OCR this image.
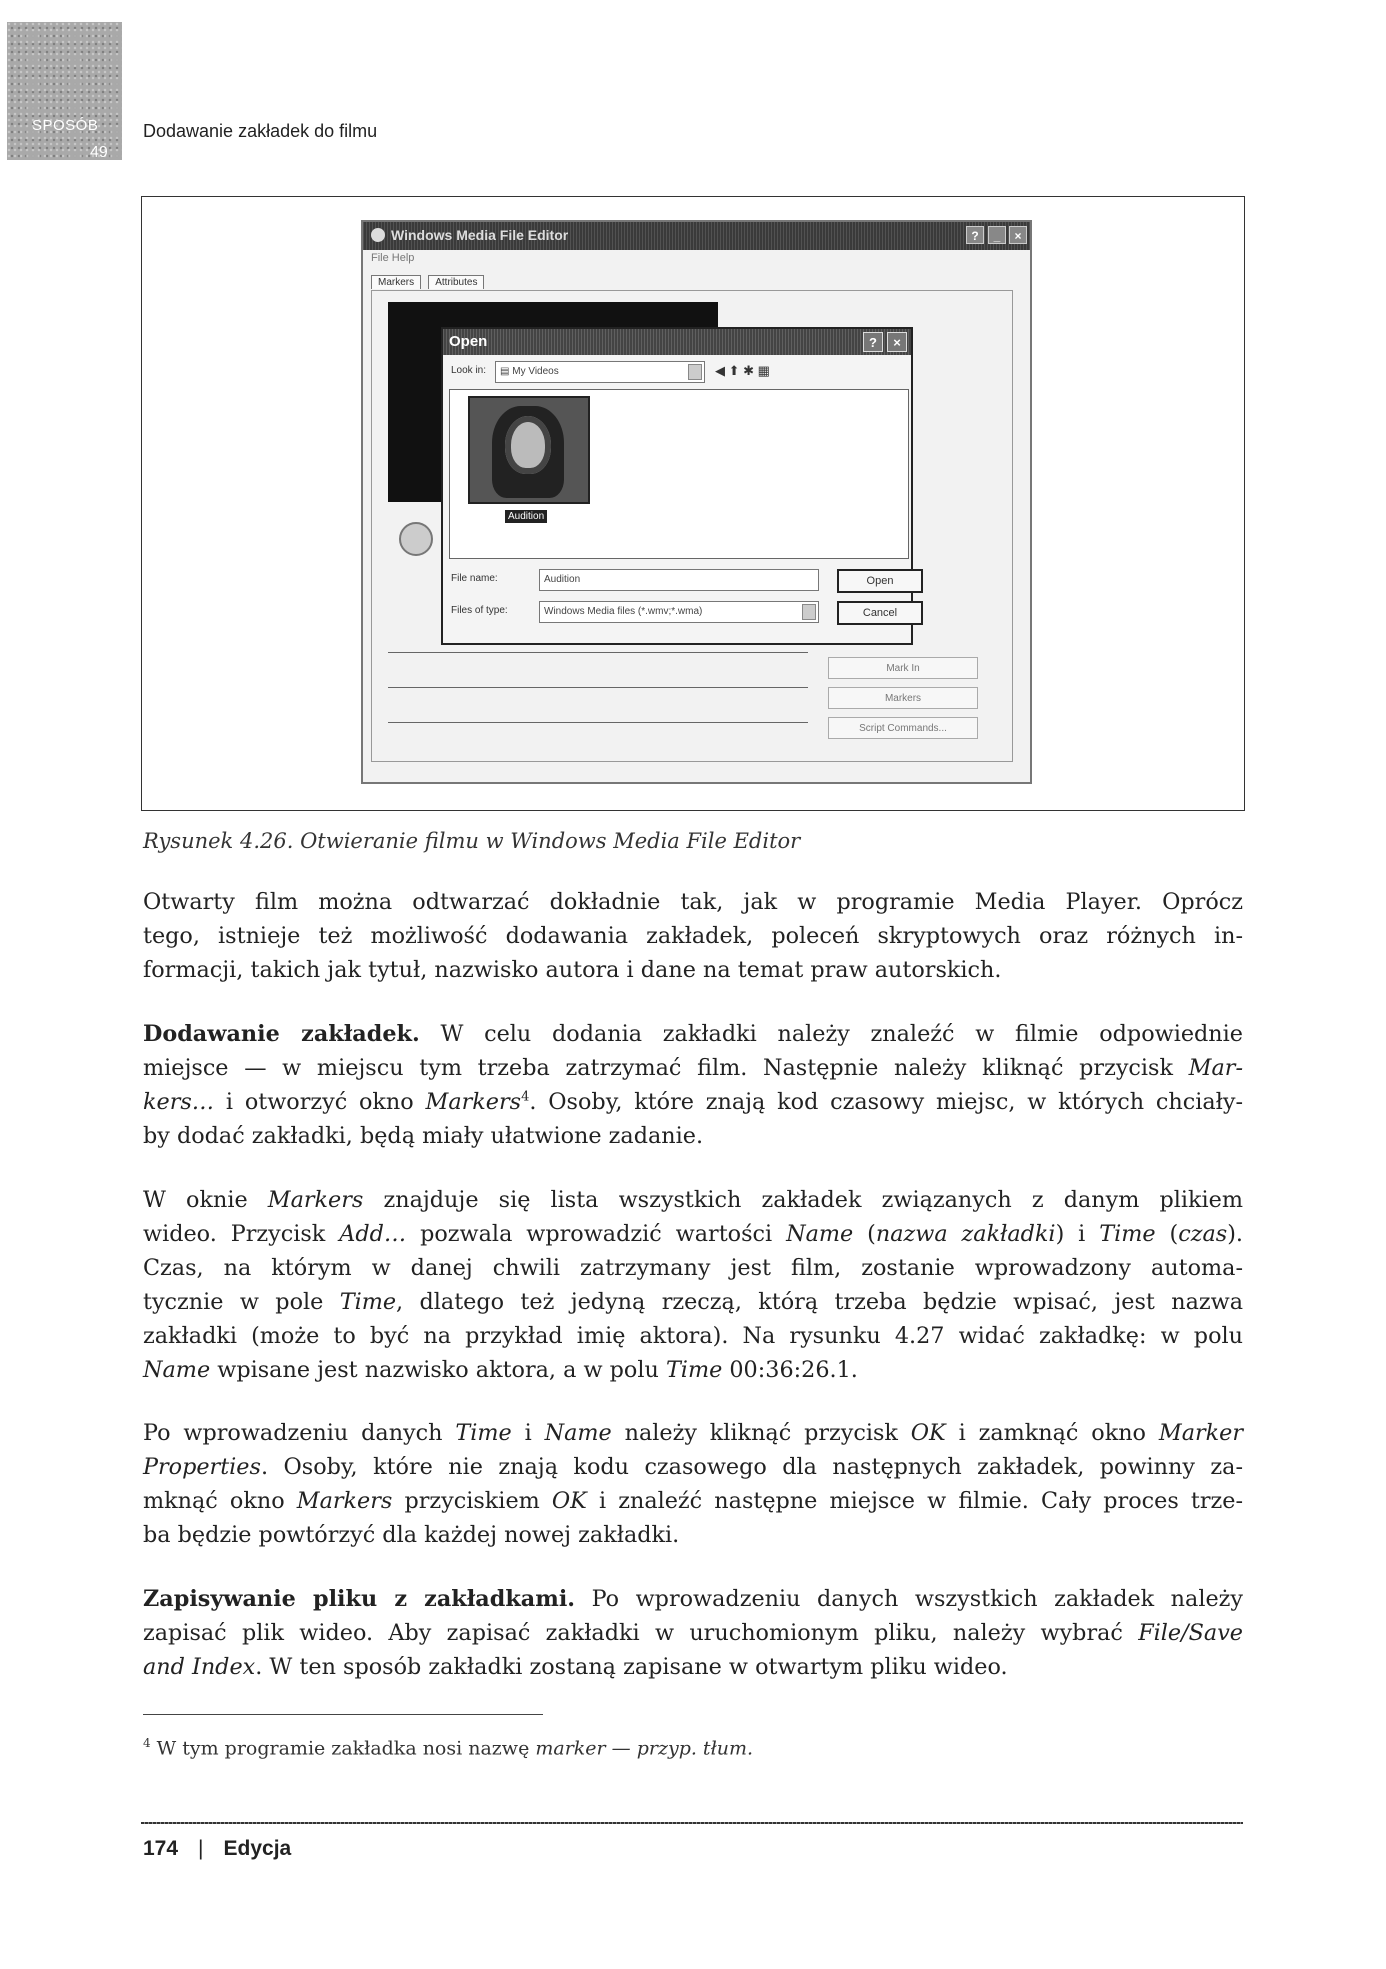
SPOSÓB
49
Dodawanie zakładek do filmu
Windows Media File Editor	?	_	×
File Help
Markers Attributes
Mark In
Markers
Script Commands...
Open	?	×
Look in:	▤ My Videos	◀ ⬆ ✱ ▦
Audition
File name:	Audition
Files of type:	Windows Media files (*.wmv;*.wma)
Open
Cancel
Rysunek 4.26. Otwieranie filmu w Windows Media File Editor

Otwarty film można odtwarzać dokładnie tak, jak w programie Media Player. Oprócz
tego, istnieje też możliwość dodawania zakładek, poleceń skryptowych oraz różnych in-
formacji, takich jak tytuł, nazwisko autora i dane na temat praw autorskich.

Dodawanie zakładek. W celu dodania zakładki należy znaleźć w filmie odpowiednie
miejsce — w miejscu tym trzeba zatrzymać film. Następnie należy kliknąć przycisk Mar-
kers… i otworzyć okno Markers$^4$. Osoby, które znają kod czasowy miejsc, w których chciały-
by dodać zakładki, będą miały ułatwione zadanie.

W oknie Markers znajduje się lista wszystkich zakładek związanych z danym plikiem
wideo. Przycisk Add… pozwala wprowadzić wartości Name (nazwa zakładki) i Time (czas).
Czas, na którym w danej chwili zatrzymany jest film, zostanie wprowadzony automa-
tycznie w pole Time, dlatego też jedyną rzeczą, którą trzeba będzie wpisać, jest nazwa
zakładki (może to być na przykład imię aktora). Na rysunku 4.27 widać zakładkę: w polu
Name wpisane jest nazwisko aktora, a w polu Time 00:36:26.1.

Po wprowadzeniu danych Time i Name należy kliknąć przycisk OK i zamknąć okno Marker
Properties. Osoby, które nie znają kodu czasowego dla następnych zakładek, powinny za-
mknąć okno Markers przyciskiem OK i znaleźć następne miejsce w filmie. Cały proces trze-
ba będzie powtórzyć dla każdej nowej zakładki.

Zapisywanie pliku z zakładkami. Po wprowadzeniu danych wszystkich zakładek należy
zapisać plik wideo. Aby zapisać zakładki w uruchomionym pliku, należy wybrać File/Save
and Index. W ten sposób zakładki zostaną zapisane w otwartym pliku wideo.

$^4$ W tym programie zakładka nosi nazwę marker — przyp. tłum.
174 | Edycja
